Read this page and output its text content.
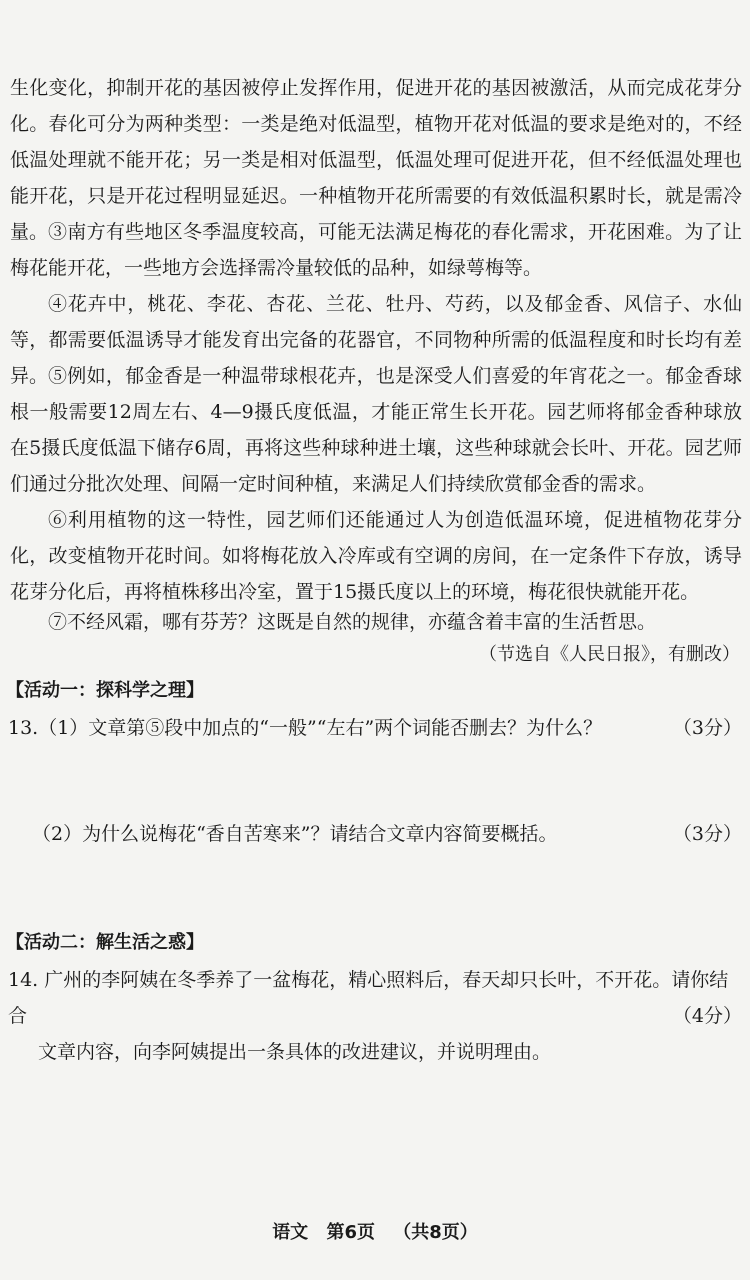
生化变化，抑制开花的基因被停止发挥作用，促进开花的基因被激活，从而完成花芽分化。春化可分为两种类型：一类是绝对低温型，植物开花对低温的要求是绝对的，不经低温处理就不能开花；另一类是相对低温型，低温处理可促进开花，但不经低温处理也能开花，只是开花过程明显延迟。一种植物开花所需要的有效低温积累时长，就是需冷量。 ③南方有些地区冬季温度较高，可能无法满足梅花的春化需求，开花困难。为了让梅花能开花，一些地方会选择需冷量较低的品种，如绿萼梅等。

④花卉中，桃花、李花、杏花、兰花、牡丹、芍药，以及郁金香、风信子、水仙等，都需要低温诱导才能发育出完备的花器官，不同物种所需的低温程度和时长均有差异。 ⑤例如，郁金香是一种温带球根花卉，也是深受人们喜爱的年宵花之一。郁金香球根一般需要12周左右、4—9摄氏度低温，才能正常生长开花。园艺师将郁金香种球放在5摄氏度低温下储存6周，再将这些种球种进土壤，这些种球就会长叶、开花。园艺师们通过分批次处理、间隔一定时间种植，来满足人们持续欣赏郁金香的需求。

⑥利用植物的这一特性，园艺师们还能通过人为创造低温环境，促进植物花芽分化，改变植物开花时间。如将梅花放入冷库或有空调的房间，在一定条件下存放，诱导花芽分化后，再将植株移出冷室，置于15摄氏度以上的环境，梅花很快就能开花。

⑦不经风霜，哪有芬芳？这既是自然的规律，亦蕴含着丰富的生活哲思。

（节选自《人民日报》，有删改）
【活动一：探科学之理】
13.（1）文章第⑤段中加点的“一般”“左右”两个词能否删去？为什么？	（3分）
（2）为什么说梅花“香自苦寒来”？请结合文章内容简要概括。	（3分）
【活动二：解生活之惑】
14. 广州的李阿姨在冬季养了一盆梅花，精心照料后，春天却只长叶，不开花。请你结合
文章内容，向李阿姨提出一条具体的改进建议，并说明理由。
（4分）
语文 第6页 （共8页）
